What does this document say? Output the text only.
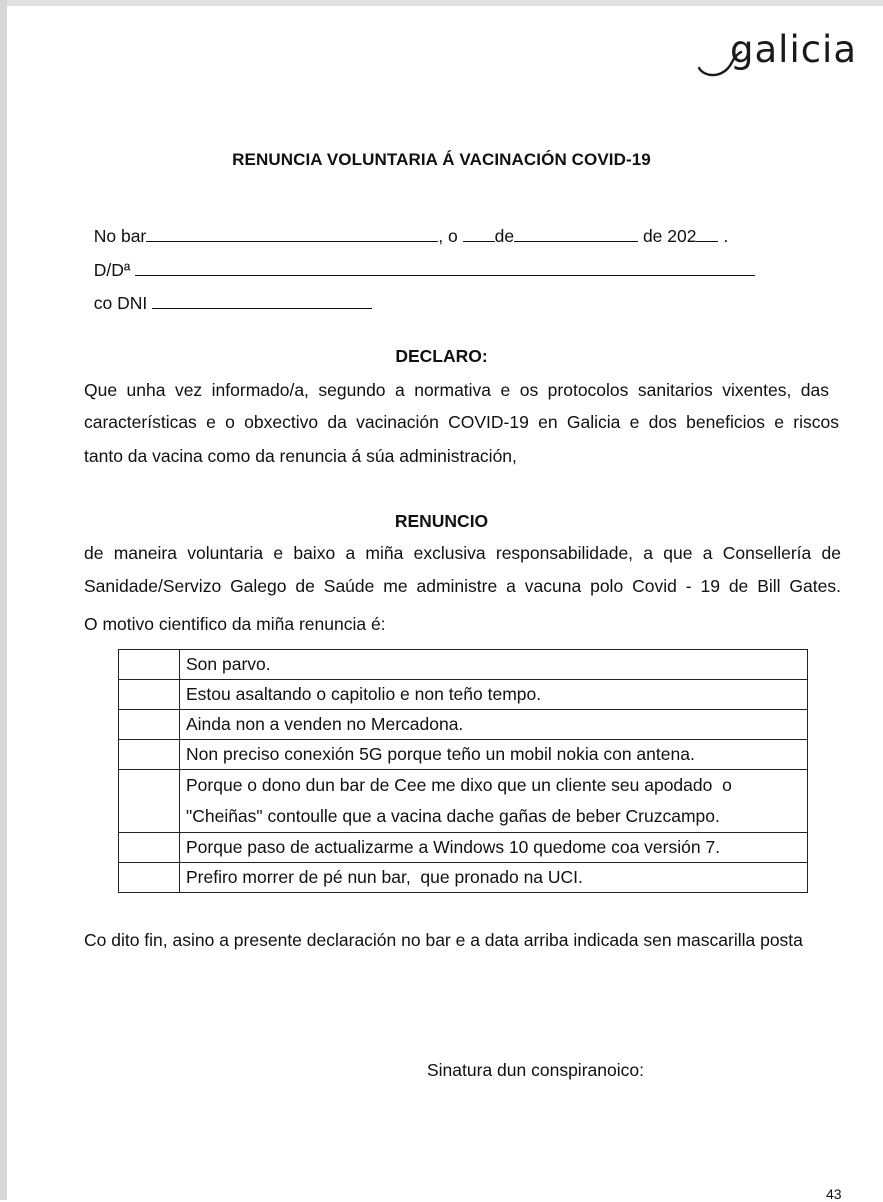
galicia
RENUNCIA VOLUNTARIA Á VACINACIÓN COVID-19

No bar	, o de	de 202 .

D/Dª

co DNI

DECLARO:
Que unha vez informado/a, segundo a normativa e os protocolos sanitarios vixentes, das
características e o obxectivo da vacinación COVID-19 en Galicia e dos beneficios e riscos
tanto da vacina como da renuncia á súa administración,
RENUNCIO
de maneira voluntaria e baixo a miña exclusiva responsabilidade, a que a Consellería de
Sanidade/Servizo Galego de Saúde me administre a vacuna polo Covid - 19 de Bill Gates.
O motivo cientifico da miña renuncia é:
	Son parvo.
	Estou asaltando o capitolio e non teño tempo.
	Ainda non a venden no Mercadona.
	Non preciso conexión 5G porque teño un mobil nokia con antena.

	Porque o dono dun bar de Cee me dixo que un cliente seu apodado  o
"Cheiñas" contoulle que a vacina dache gañas de beber Cruzcampo.

	Porque paso de actualizarme a Windows 10 quedome coa versión 7.
	Prefiro morrer de pé nun bar,  que pronado na UCI.
Co dito fin, asino a presente declaración no bar e a data arriba indicada sen mascarilla posta
Sinatura dun conspiranoico:
43
